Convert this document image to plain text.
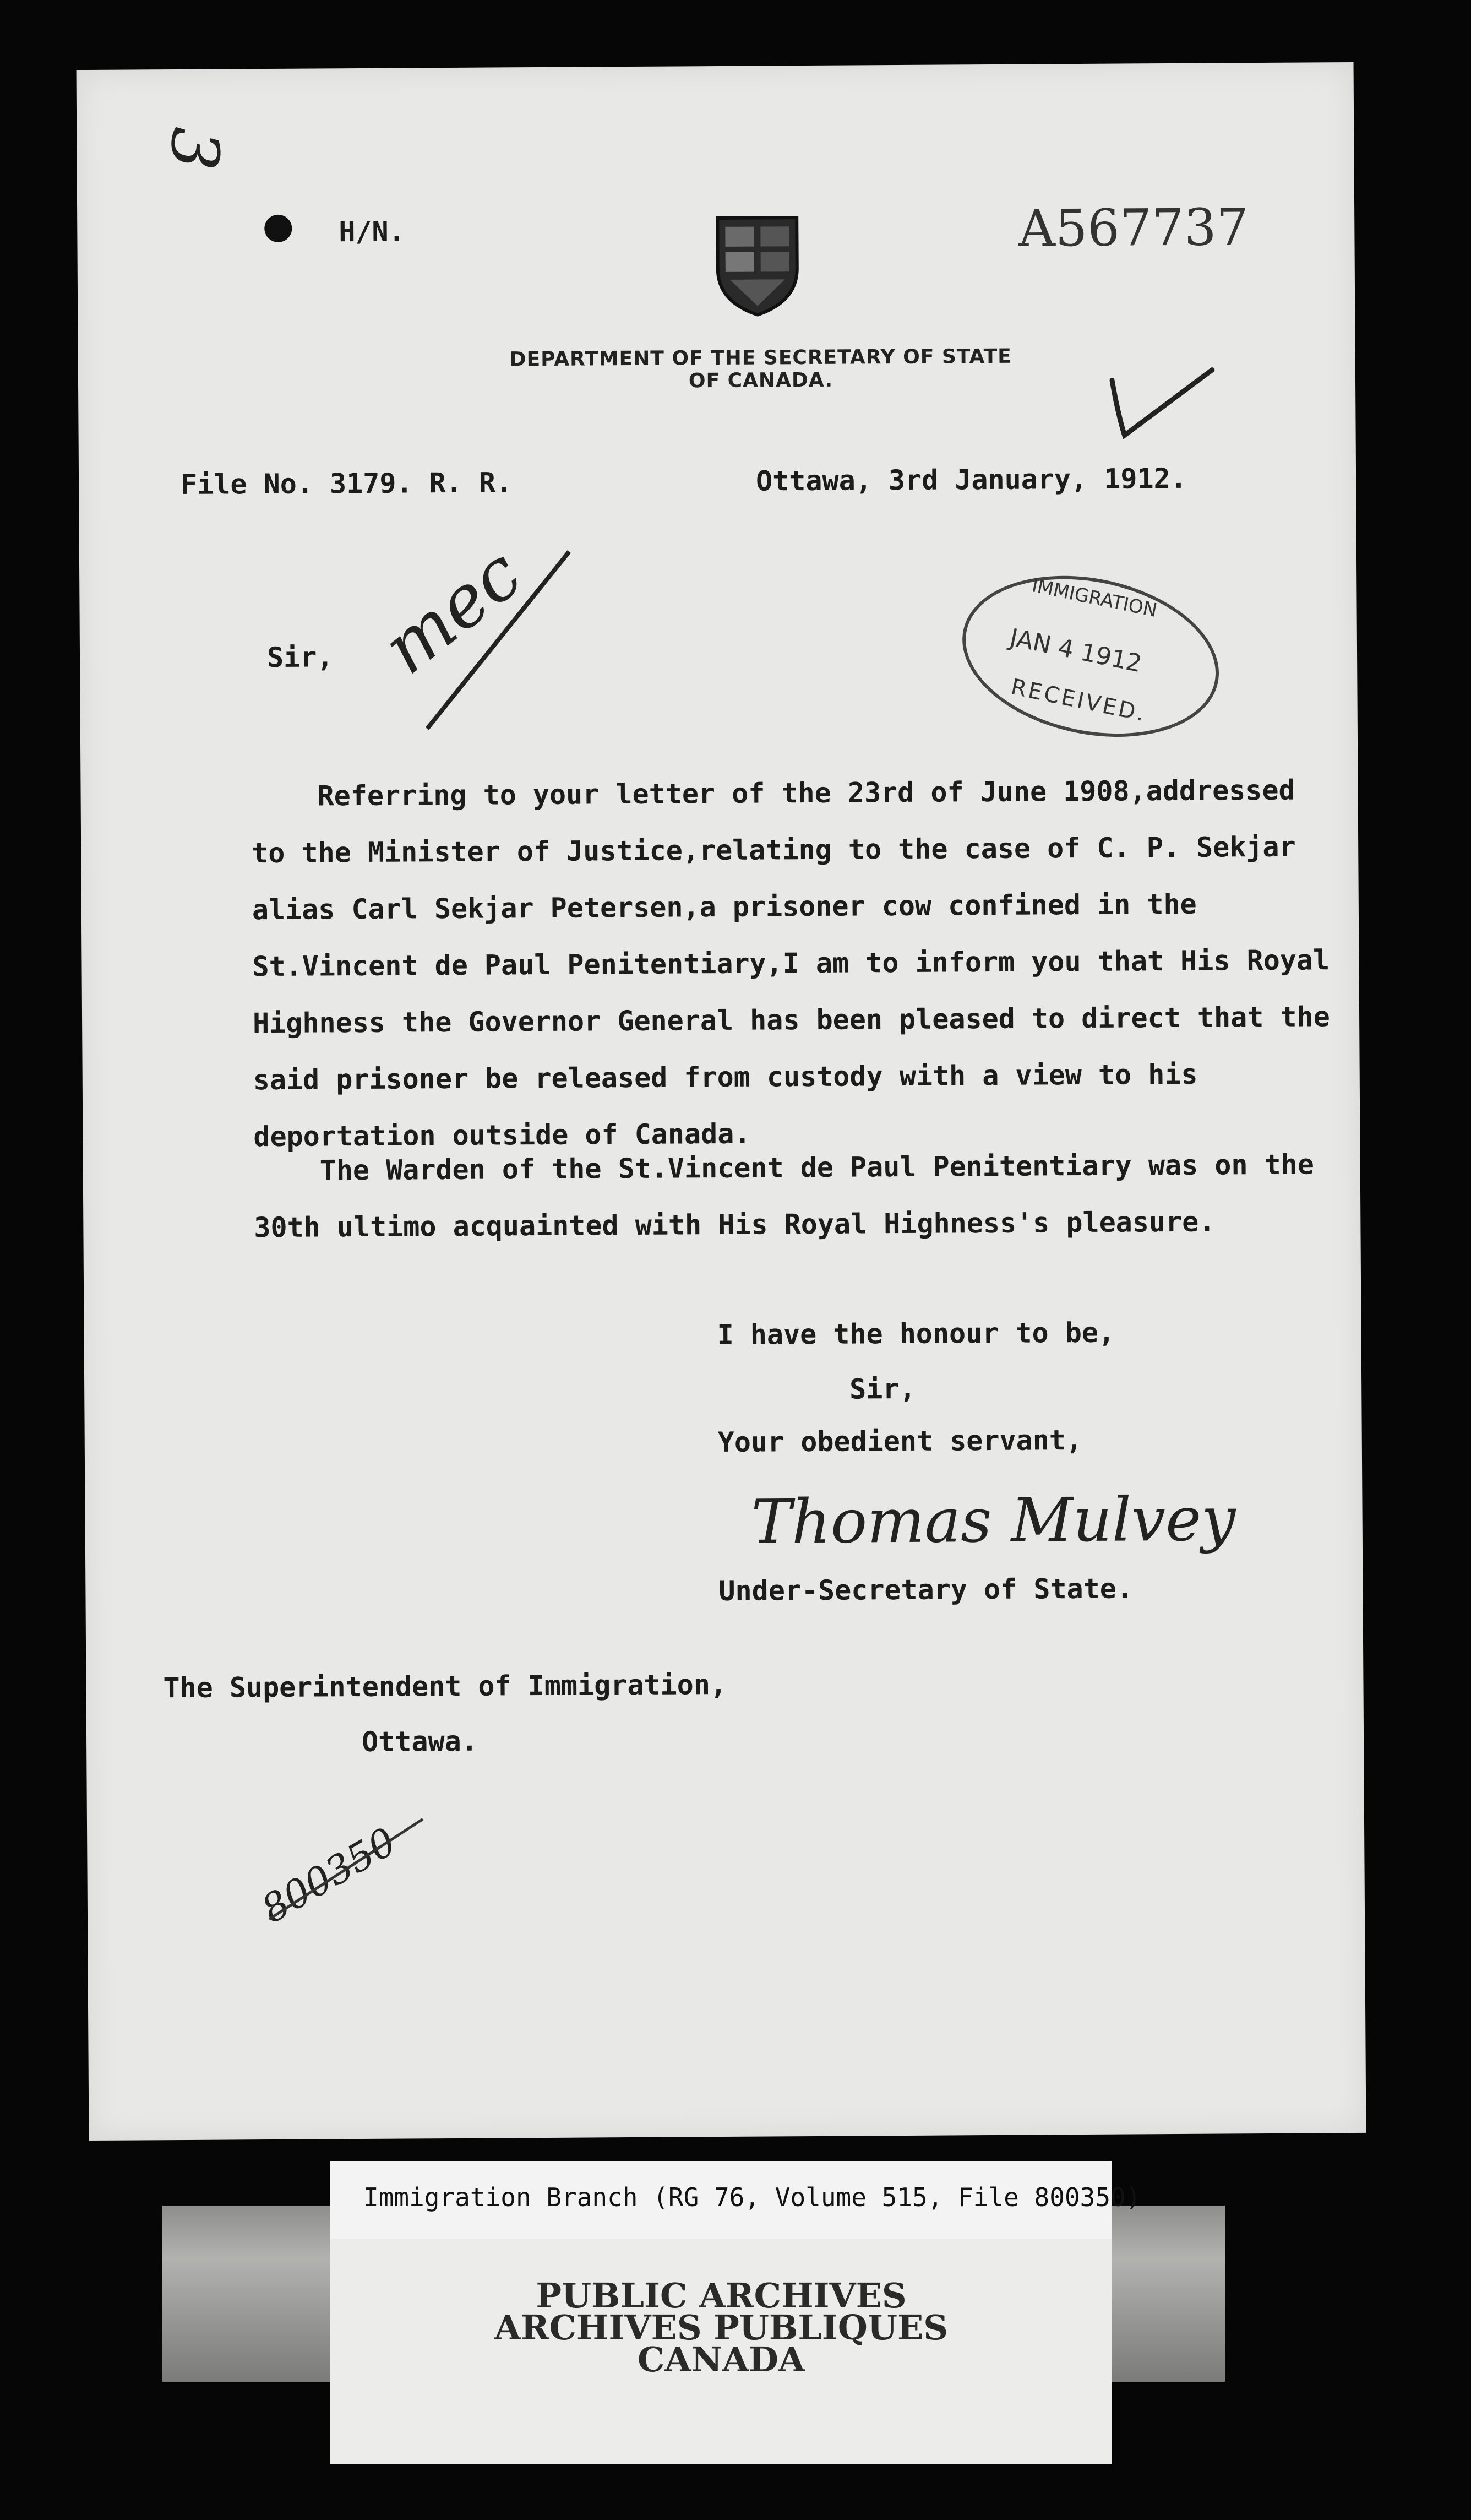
3
H/N.	A567737
DEPARTMENT OF THE SECRETARY OF STATE
OF CANADA.
File No. 3179. R. R.	Ottawa, 3rd January, 1912.
mec
Sir,
IMMIGRATION
JAN 4 1912
RECEIVED.
Referring to your letter of the 23rd of June 1908,addressed to the Minister of Justice,relating to the case of C. P. Sekjar alias Carl Sekjar Petersen,a prisoner cow confined in the St.Vincent de Paul Penitentiary,I am to inform you that His Royal Highness the Governor General has been pleased to direct that the said prisoner be released from custody with a view to his deportation outside of Canada.
The Warden of the St.Vincent de Paul Penitentiary was on the 30th ultimo acquainted with His Royal Highness's pleasure.
I have the honour to be,
Sir,
Your obedient servant,
Thomas Mulvey
Under-Secretary of State.
The Superintendent of Immigration,
Ottawa.
800350
Immigration Branch (RG 76, Volume 515, File 800350)
PUBLIC ARCHIVES
ARCHIVES PUBLIQUES
CANADA
